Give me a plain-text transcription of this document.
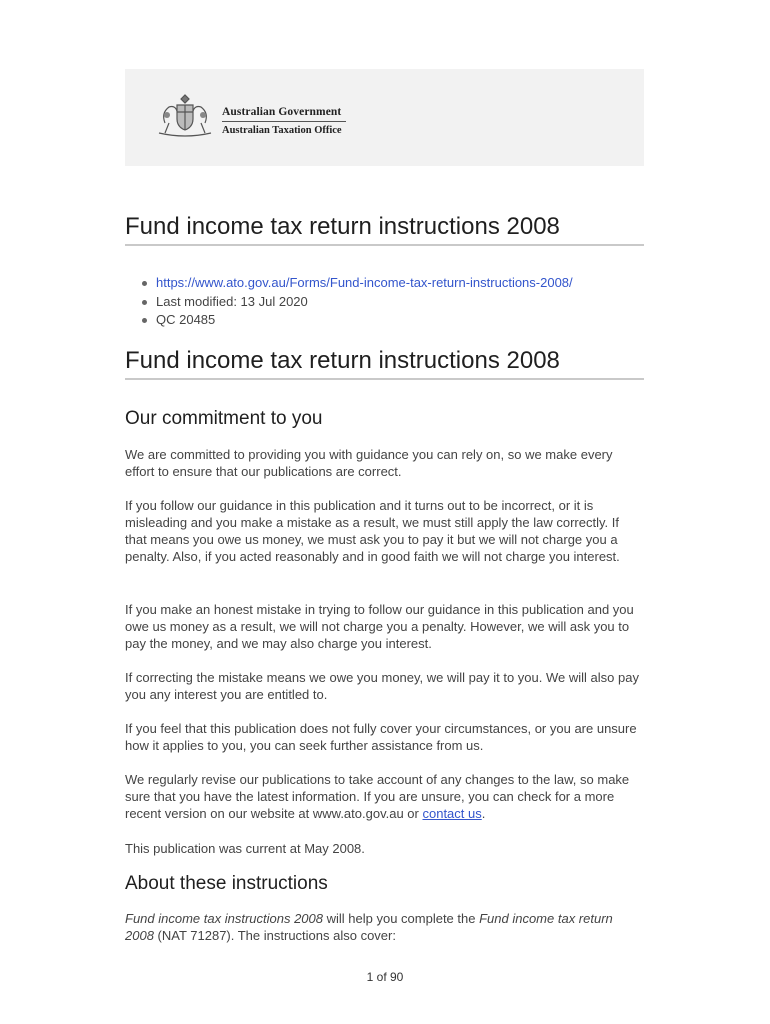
Australian Government
Australian Taxation Office
Fund income tax return instructions 2008
https://www.ato.gov.au/Forms/Fund-income-tax-return-instructions-2008/
Last modified: 13 Jul 2020
QC 20485
Fund income tax return instructions 2008
Our commitment to you

We are committed to providing you with guidance you can rely on, so we make every effort to ensure that our publications are correct.

If you follow our guidance in this publication and it turns out to be incorrect, or it is misleading and you make a mistake as a result, we must still apply the law correctly. If that means you owe us money, we must ask you to pay it but we will not charge you a penalty. Also, if you acted reasonably and in good faith we will not charge you interest.

If you make an honest mistake in trying to follow our guidance in this publication and you owe us money as a result, we will not charge you a penalty. However, we will ask you to pay the money, and we may also charge you interest.

If correcting the mistake means we owe you money, we will pay it to you. We will also pay you any interest you are entitled to.

If you feel that this publication does not fully cover your circumstances, or you are unsure how it applies to you, you can seek further assistance from us.

We regularly revise our publications to take account of any changes to the law, so make sure that you have the latest information. If you are unsure, you can check for a more recent version on our website at www.ato.gov.au or contact us.

This publication was current at May 2008.

About these instructions

Fund income tax instructions 2008 will help you complete the Fund income tax return 2008 (NAT 71287). The instructions also cover:

1 of 90
